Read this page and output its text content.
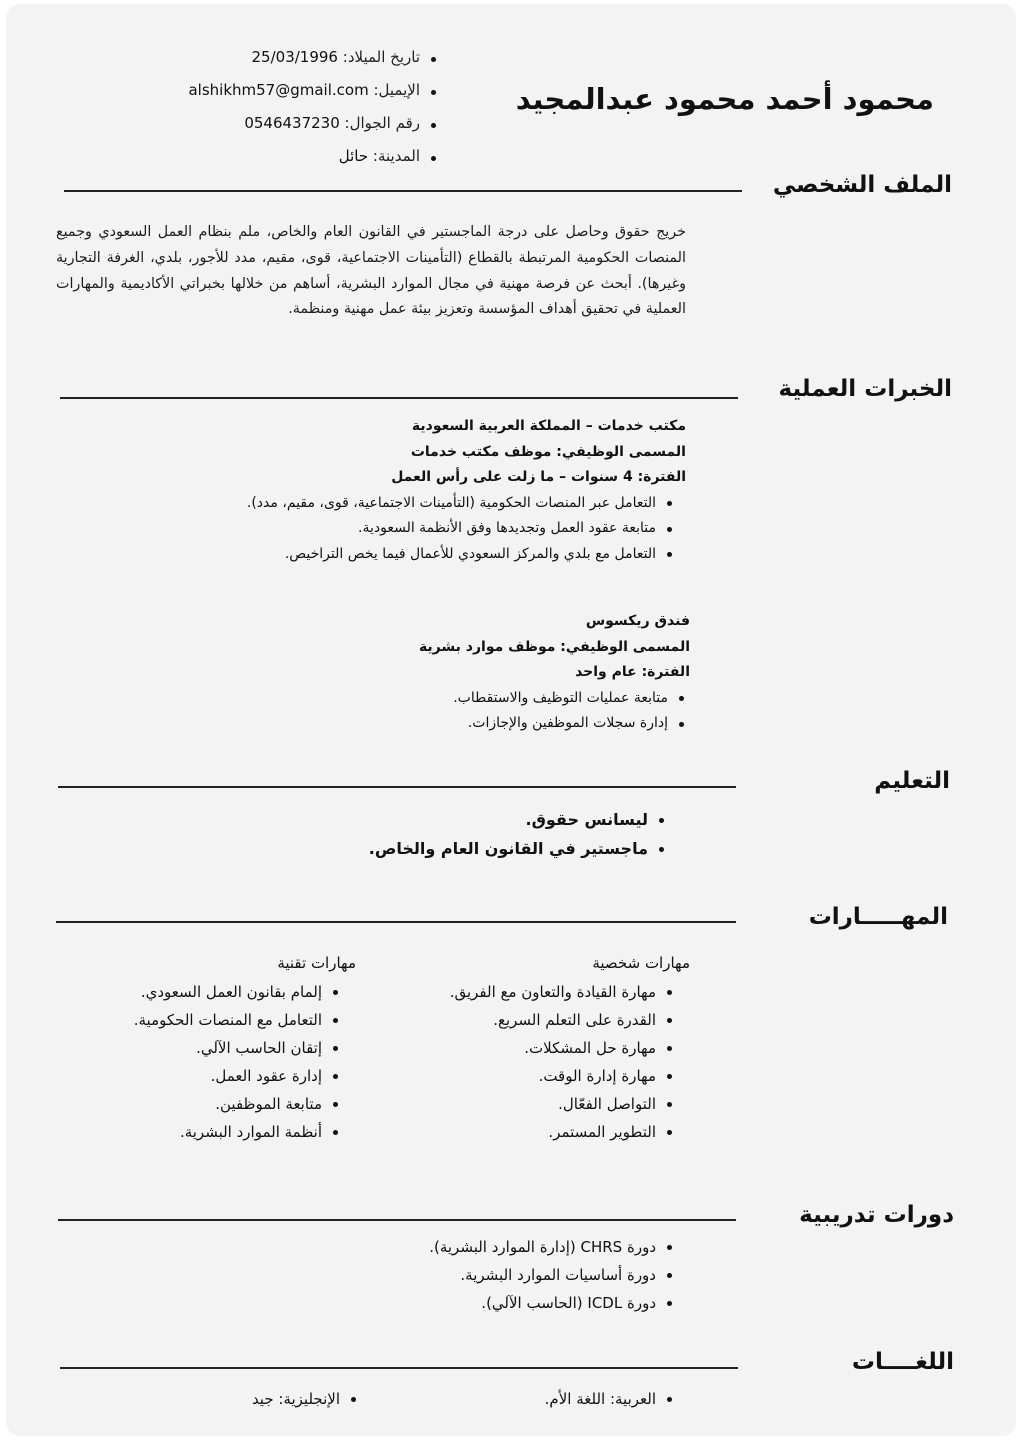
تاريخ الميلاد: 25/03/1996
الإيميل: alshikhm57@gmail.com
رقم الجوال: 0546437230
المدينة: حائل
محمود أحمد محمود عبدالمجيد
الملف الشخصي
خريج حقوق وحاصل على درجة الماجستير في القانون العام والخاص، ملم بنظام العمل السعودي وجميع المنصات الحكومية المرتبطة بالقطاع (التأمينات الاجتماعية، قوى، مقيم، مدد للأجور، بلدي، الغرفة التجارية وغيرها). أبحث عن فرصة مهنية في مجال الموارد البشرية، أساهم من خلالها بخبراتي الأكاديمية والمهارات العملية في تحقيق أهداف المؤسسة وتعزيز بيئة عمل مهنية ومنظمة.
الخبرات العملية
مكتب خدمات – المملكة العربية السعودية
المسمى الوظيفي: موظف مكتب خدمات
الفترة: 4 سنوات – ما زلت على رأس العمل
التعامل عبر المنصات الحكومية (التأمينات الاجتماعية، قوى، مقيم، مدد).
متابعة عقود العمل وتجديدها وفق الأنظمة السعودية.
التعامل مع بلدي والمركز السعودي للأعمال فيما يخص التراخيص.
فندق ريكسوس
المسمى الوظيفي: موظف موارد بشرية
الفترة: عام واحد
متابعة عمليات التوظيف والاستقطاب.
إدارة سجلات الموظفين والإجازات.
التعليم
ليسانس حقوق.
ماجستير في القانون العام والخاص.
المهـــــارات
مهارات شخصية
مهارة القيادة والتعاون مع الفريق.
القدرة على التعلم السريع.
مهارة حل المشكلات.
مهارة إدارة الوقت.
التواصل الفعّال.
التطوير المستمر.
مهارات تقنية
إلمام بقانون العمل السعودي.
التعامل مع المنصات الحكومية.
إتقان الحاسب الآلي.
إدارة عقود العمل.
متابعة الموظفين.
أنظمة الموارد البشرية.
دورات تدريبية
دورة CHRS (إدارة الموارد البشرية).
دورة أساسيات الموارد البشرية.
دورة ICDL (الحاسب الآلي).
اللغــــات
العربية: اللغة الأم.
الإنجليزية: جيد
